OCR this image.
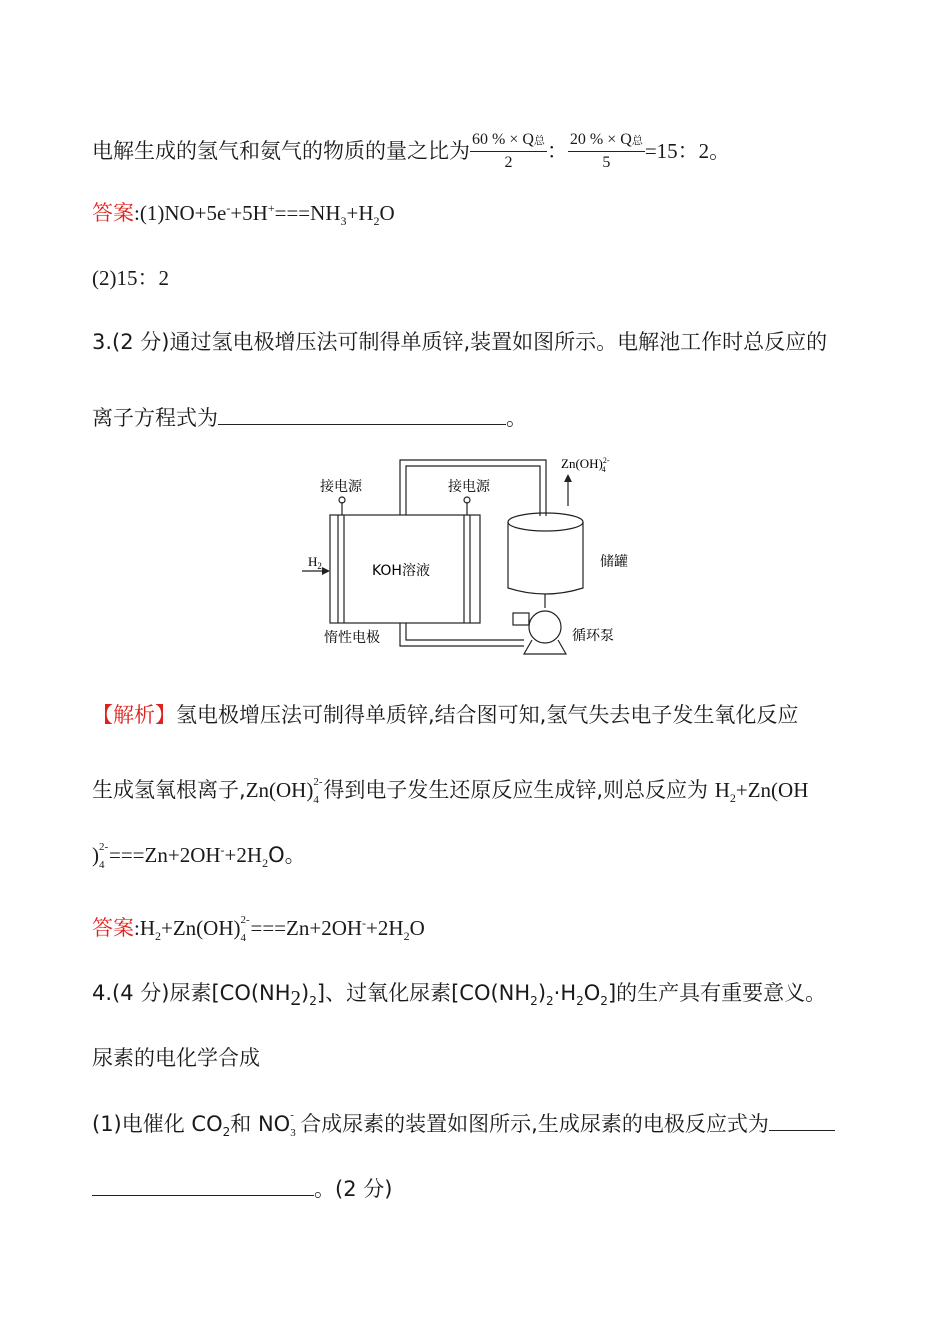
电解生成的氢气和氨气的物质的量之比为 $\frac{\text{60 \% × Q总}}{2}$ ： $\frac{\text{20 \% × Q总}}{5} =15$：2。
答案$:(1)NO+5e^-+5H^+===NH_3+H_2O$
(2)15：2
3.(2 分)通过氢电极增压法可制得单质锌,装置如图所示。电解池工作时总反应的
离子方程式为	。
接电源	接电源
$H_2$	KOH溶液
惰性电极
储罐
循环泵
Zn(OH)$^{2-}$4
【解析】氢电极增压法可制得单质锌,结合图可知,氢气失去电子发生氧化反应
生成氢氧根离子,Zn(OH) 2-
4 得到电子发生还原反应生成锌,则总反应为 $H_2+Zn(OH$
) 2-
$4 ===Zn+2OH^-+2H_2O$。
答案$:H_2+Zn(OH)$ 2-
$4 ===Zn+2OH^-+2H_2O$
4.(4 分)尿素$[CO(NH_2)_2]$、过氧化尿素$[CO(NH_2)_2\cdot H_2O_2]$的生产具有重要意义。
尿素的电化学合成
(1)电催化 $CO_2$和 NO -
3 合成尿素的装置如图所示,生成尿素的电极反应式为
。(2 分)
